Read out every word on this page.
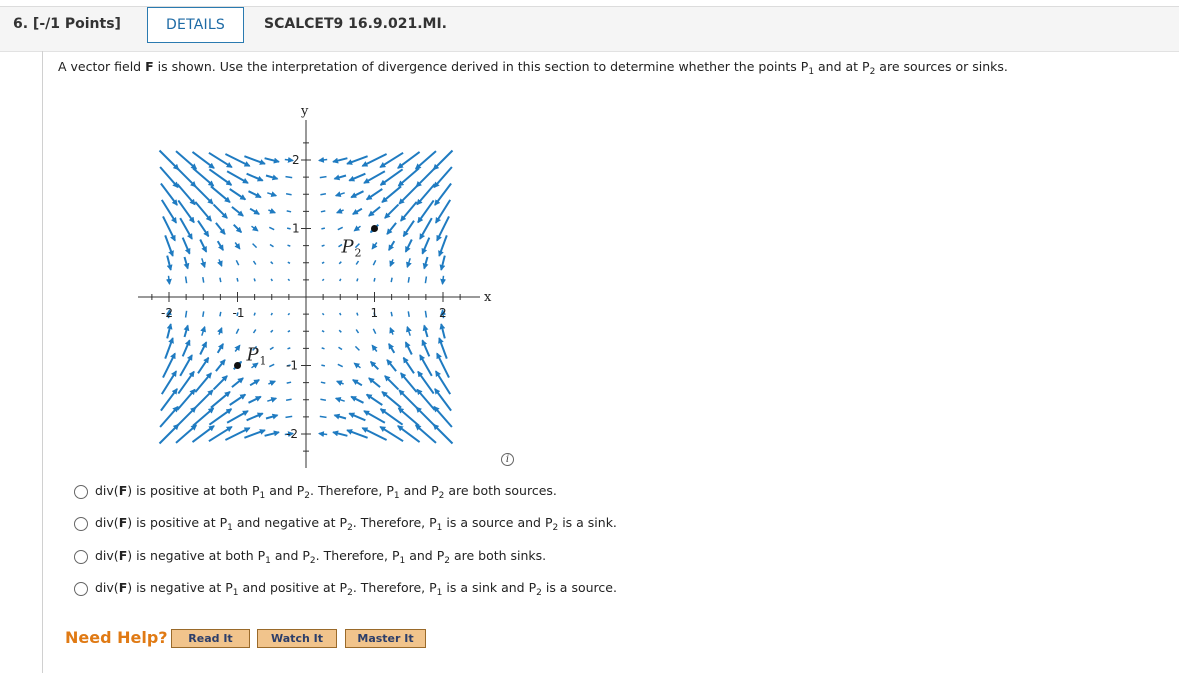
6. [-/1 Points]	DETAILS	SCALCET9 16.9.021.MI.
A vector field F is shown. Use the interpretation of divergence derived in this section to determine whether the points $P_1$ and at $P_2$ are sources or sinks.
x
y
-2	-1	1	2
2
1
-1
-2
P 1
P 2
i
div(F) is positive at both $P_1$ and $P_2$. Therefore, $P_1$ and $P_2$ are both sources.
div(F) is positive at $P_1$ and negative at $P_2$. Therefore, $P_1$ is a source and $P_2$ is a sink.
div(F) is negative at both $P_1$ and $P_2$. Therefore, $P_1$ and $P_2$ are both sinks.
div(F) is negative at $P_1$ and positive at $P_2$. Therefore, $P_1$ is a sink and $P_2$ is a source.
Need Help?	Read It	Watch It	Master It
